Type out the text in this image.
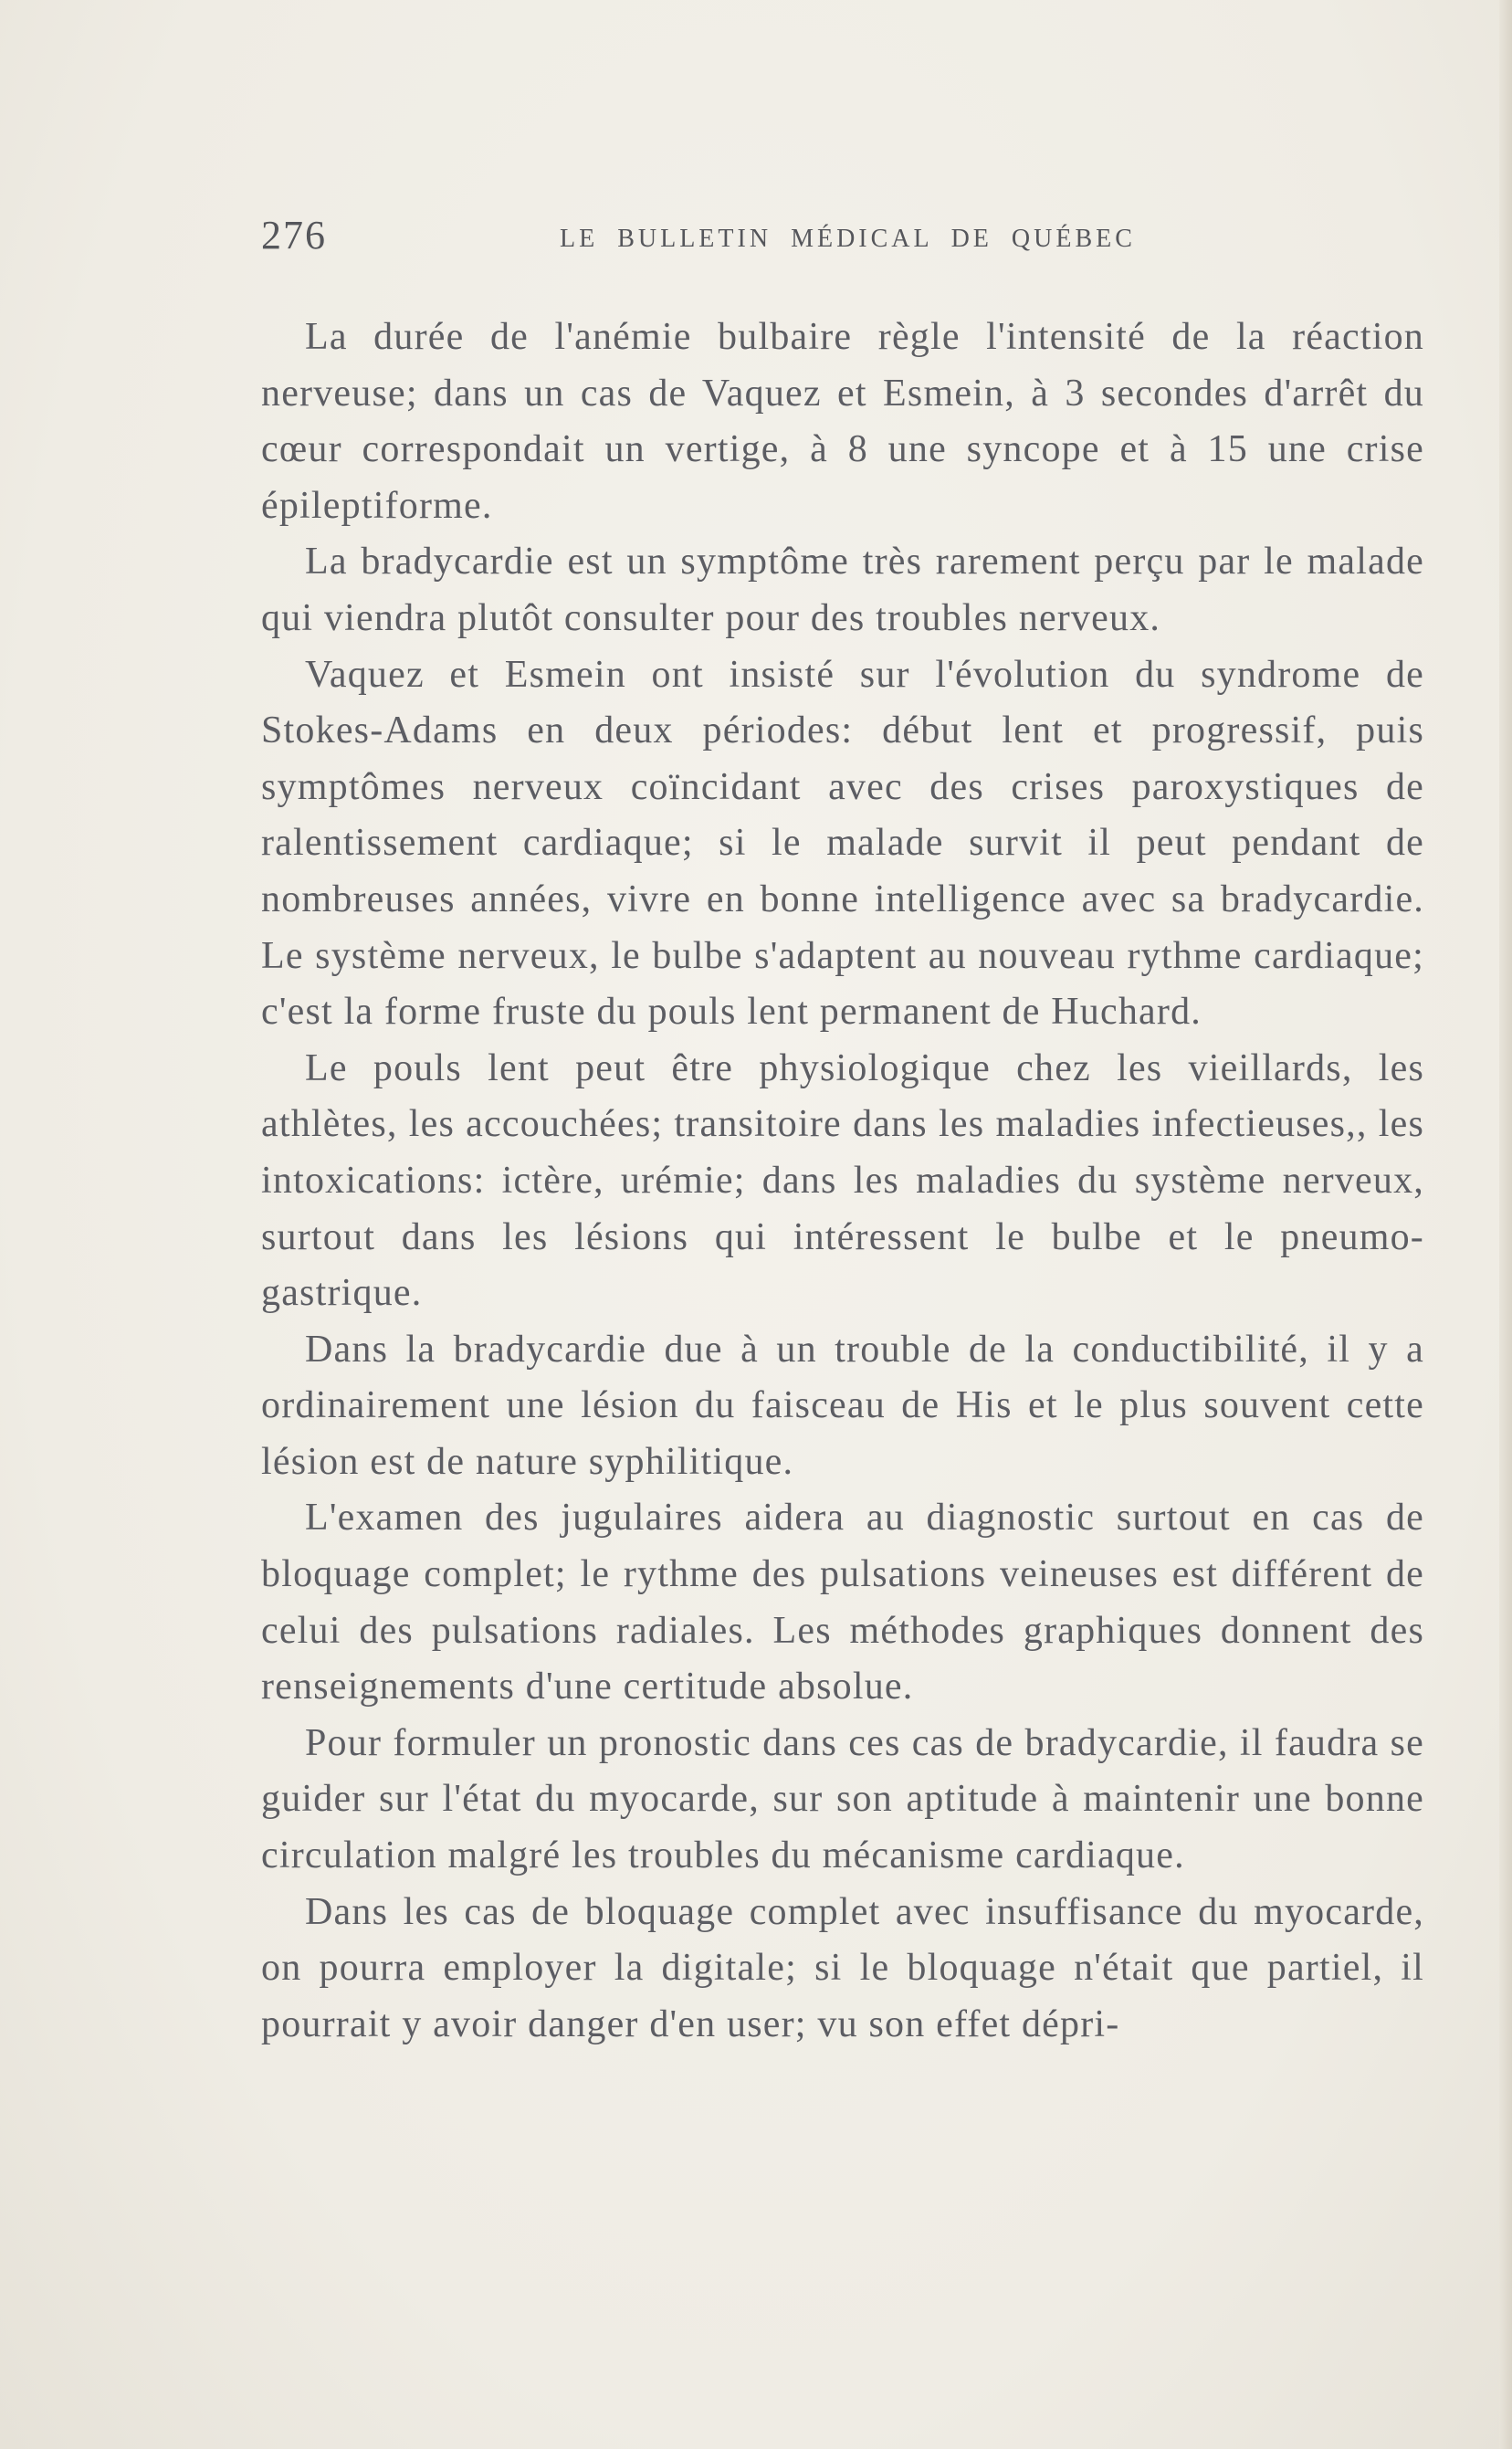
276	LE BULLETIN MÉDICAL DE QUÉBEC

La durée de l'anémie bulbaire règle l'intensité de la réaction nerveuse; dans un cas de Vaquez et Esmein, à 3 secondes d'arrêt du cœur correspondait un vertige, à 8 une syncope et à 15 une crise épileptiforme.

La bradycardie est un symptôme très rarement perçu par le malade qui viendra plutôt consulter pour des troubles nerveux.

Vaquez et Esmein ont insisté sur l'évolution du syndrome de Stokes-Adams en deux périodes: début lent et progressif, puis symptômes nerveux coïncidant avec des crises paroxystiques de ralentissement cardiaque; si le malade survit il peut pendant de nombreuses années, vivre en bonne intelligence avec sa bradycardie. Le système nerveux, le bulbe s'adaptent au nouveau rythme cardiaque; c'est la forme fruste du pouls lent permanent de Huchard.

Le pouls lent peut être physiologique chez les vieillards, les athlètes, les accouchées; transitoire dans les maladies infectieuses,, les intoxications: ictère, urémie; dans les maladies du système nerveux, surtout dans les lésions qui intéressent le bulbe et le pneumo-gastrique.

Dans la bradycardie due à un trouble de la conductibilité, il y a ordinairement une lésion du faisceau de His et le plus souvent cette lésion est de nature syphilitique.

L'examen des jugulaires aidera au diagnostic surtout en cas de bloquage complet; le rythme des pulsations veineuses est différent de celui des pulsations radiales. Les méthodes graphiques donnent des renseignements d'une certitude absolue.

Pour formuler un pronostic dans ces cas de bradycardie, il faudra se guider sur l'état du myocarde, sur son aptitude à maintenir une bonne circulation malgré les troubles du mécanisme cardiaque.

Dans les cas de bloquage complet avec insuffisance du myocarde, on pourra employer la digitale; si le bloquage n'était que partiel, il pourrait y avoir danger d'en user; vu son effet dépri-
